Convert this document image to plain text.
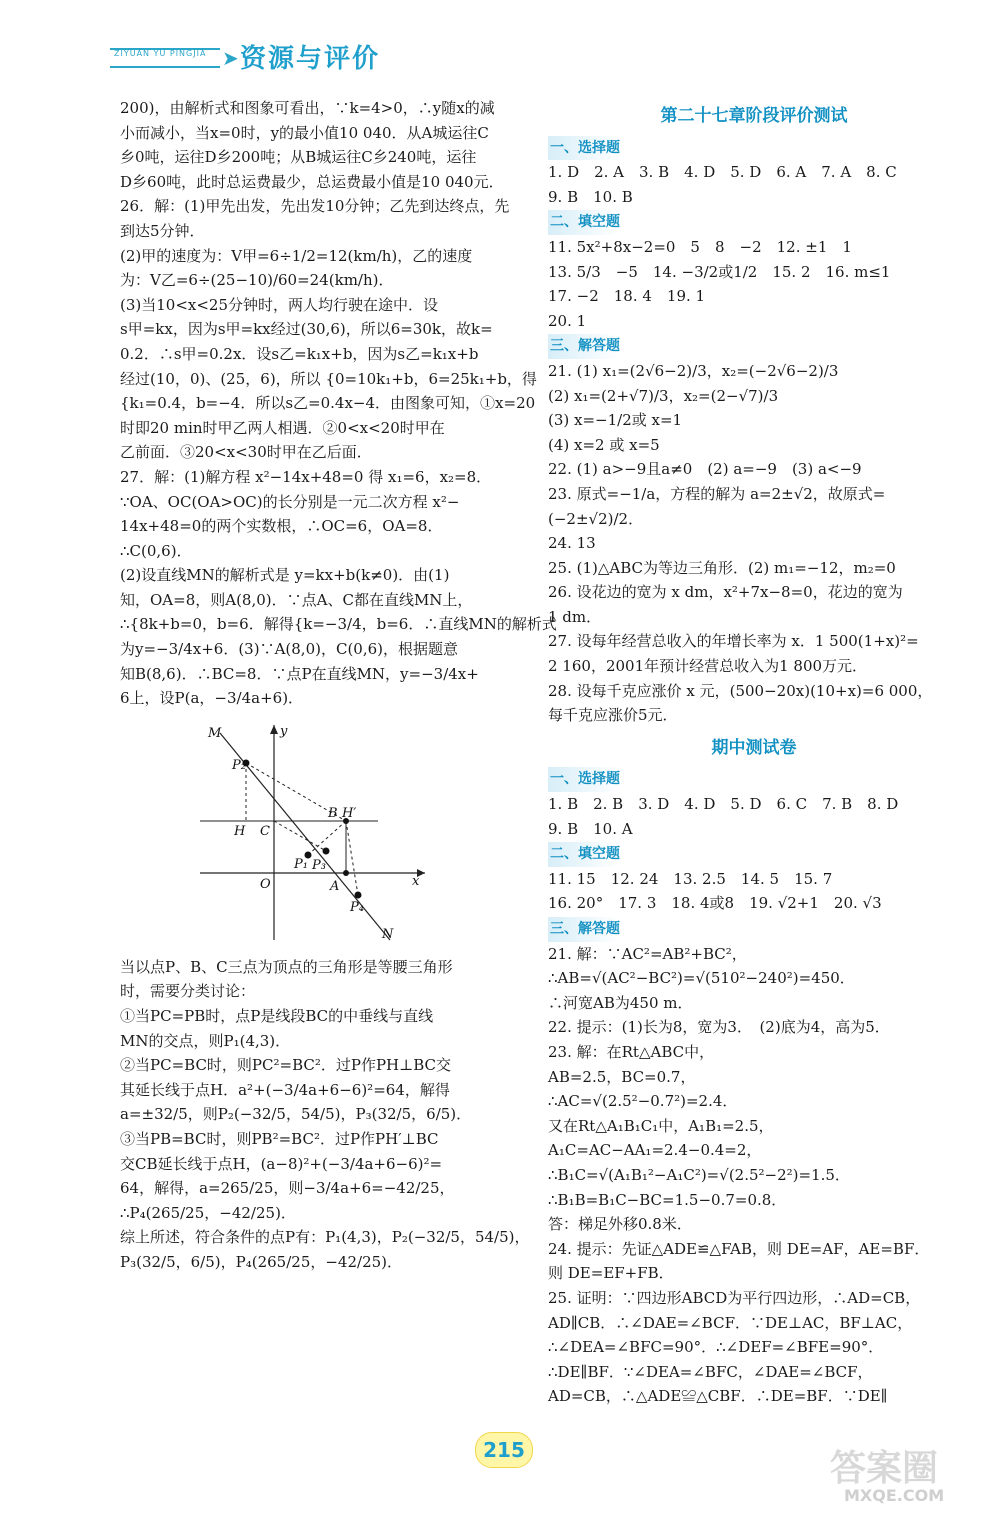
ZIYUAN YU PINGJIA ➤ 资源与评价
200)，由解析式和图象可看出，∵k=4>0，∴y随x的减
小而减小，当x=0时，y的最小值10 040．从A城运往C
乡0吨，运往D乡200吨；从B城运往C乡240吨，运往
D乡60吨，此时总运费最少，总运费最小值是10 040元．
26．解：(1)甲先出发，先出发10分钟；乙先到达终点，先
到达5分钟．
(2)甲的速度为：V甲=6÷1/2=12(km/h)，乙的速度
为：V乙=6÷(25−10)/60=24(km/h)．
(3)当10<x<25分钟时，两人均行驶在途中．设
s甲=kx，因为s甲=kx经过(30,6)，所以6=30k，故k=
0.2．∴s甲=0.2x．设s乙=k₁x+b，因为s乙=k₁x+b
经过(10，0)、(25，6)，所以 {0=10k₁+b，6=25k₁+b，得
{k₁=0.4，b=−4．所以s乙=0.4x−4．由图象可知，①x=20
时即20 min时甲乙两人相遇．②0<x<20时甲在
乙前面．③20<x<30时甲在乙后面．
27．解：(1)解方程 x²−14x+48=0 得 x₁=6，x₂=8．
∵OA、OC(OA>OC)的长分别是一元二次方程 x²−
14x+48=0的两个实数根，∴OC=6，OA=8．
∴C(0,6)．
(2)设直线MN的解析式是 y=kx+b(k≠0)．由(1)
知，OA=8，则A(8,0)．∵点A、C都在直线MN上，
∴{8k+b=0，b=6．解得{k=−3/4，b=6．∴直线MN的解析式
为y=−3/4x+6．(3)∵A(8,0)，C(0,6)，根据题意
知B(8,6)．∴BC=8．∵点P在直线MN，y=−3/4x+
6上，设P(a，−3/4a+6)．
M
N
y
x
O
C
H
B H′
A
P₁
P₂
P₃
P₄
当以点P、B、C三点为顶点的三角形是等腰三角形
时，需要分类讨论：
①当PC=PB时，点P是线段BC的中垂线与直线
MN的交点，则P₁(4,3)．
②当PC=BC时，则PC²=BC²．过P作PH⊥BC交
其延长线于点H．a²+(−3/4a+6−6)²=64，解得
a=±32/5，则P₂(−32/5，54/5)，P₃(32/5，6/5)．
③当PB=BC时，则PB²=BC²．过P作PH′⊥BC
交CB延长线于点H，(a−8)²+(−3/4a+6−6)²=
64，解得，a=265/25，则−3/4a+6=−42/25，
∴P₄(265/25，−42/25)．
综上所述，符合条件的点P有：P₁(4,3)，P₂(−32/5，54/5)，
P₃(32/5，6/5)，P₄(265/25，−42/25)．
第二十七章阶段评价测试
一、选择题
1. D　2. A　3. B　4. D　5. D　6. A　7. A　8. C
9. B　10. B
二、填空题
11. 5x²+8x−2=0　5　8　−2　12. ±1　1
13. 5/3　−5　14. −3/2或1/2　15. 2　16. m≤1
17. −2　18. 4　19. 1
20. 1
三、解答题
21. (1) x₁=(2√6−2)/3，x₂=(−2√6−2)/3
(2) x₁=(2+√7)/3，x₂=(2−√7)/3
(3) x=−1/2或 x=1
(4) x=2 或 x=5
22. (1) a>−9且a≠0　(2) a=−9　(3) a<−9
23. 原式=−1/a，方程的解为 a=2±√2，故原式=
(−2±√2)/2．
24. 13
25. (1)△ABC为等边三角形．(2) m₁=−12，m₂=0
26. 设花边的宽为 x dm，x²+7x−8=0，花边的宽为
1 dm．
27. 设每年经营总收入的年增长率为 x．1 500(1+x)²=
2 160，2001年预计经营总收入为1 800万元．
28. 设每千克应涨价 x 元，(500−20x)(10+x)=6 000，
每千克应涨价5元．
期中测试卷
一、选择题
1. B　2. B　3. D　4. D　5. D　6. C　7. B　8. D
9. B　10. A
二、填空题
11. 15　12. 24　13. 2.5　14. 5　15. 7
16. 20°　17. 3　18. 4或8　19. √2+1　20. √3
三、解答题
21. 解：∵AC²=AB²+BC²，
∴AB=√(AC²−BC²)=√(510²−240²)=450．
∴河宽AB为450 m．
22. 提示：(1)长为8，宽为3．　(2)底为4，高为5．
23. 解：在Rt△ABC中，
AB=2.5，BC=0.7，
∴AC=√(2.5²−0.7²)=2.4．
又在Rt△A₁B₁C₁中，A₁B₁=2.5，
A₁C=AC−AA₁=2.4−0.4=2，
∴B₁C=√(A₁B₁²−A₁C²)=√(2.5²−2²)=1.5．
∴B₁B=B₁C−BC=1.5−0.7=0.8．
答：梯足外移0.8米．
24. 提示：先证△ADE≌△FAB，则 DE=AF，AE=BF．
则 DE=EF+FB．
25. 证明：∵四边形ABCD为平行四边形，∴AD=CB，
AD∥CB．∴∠DAE=∠BCF．∵DE⊥AC，BF⊥AC，
∴∠DEA=∠BFC=90°．∴∠DEF=∠BFE=90°．
∴DE∥BF．∵∠DEA=∠BFC，∠DAE=∠BCF，
AD=CB，∴△ADE≌△CBF．∴DE=BF．∵DE∥
215	答案圈
MXQE.COM
